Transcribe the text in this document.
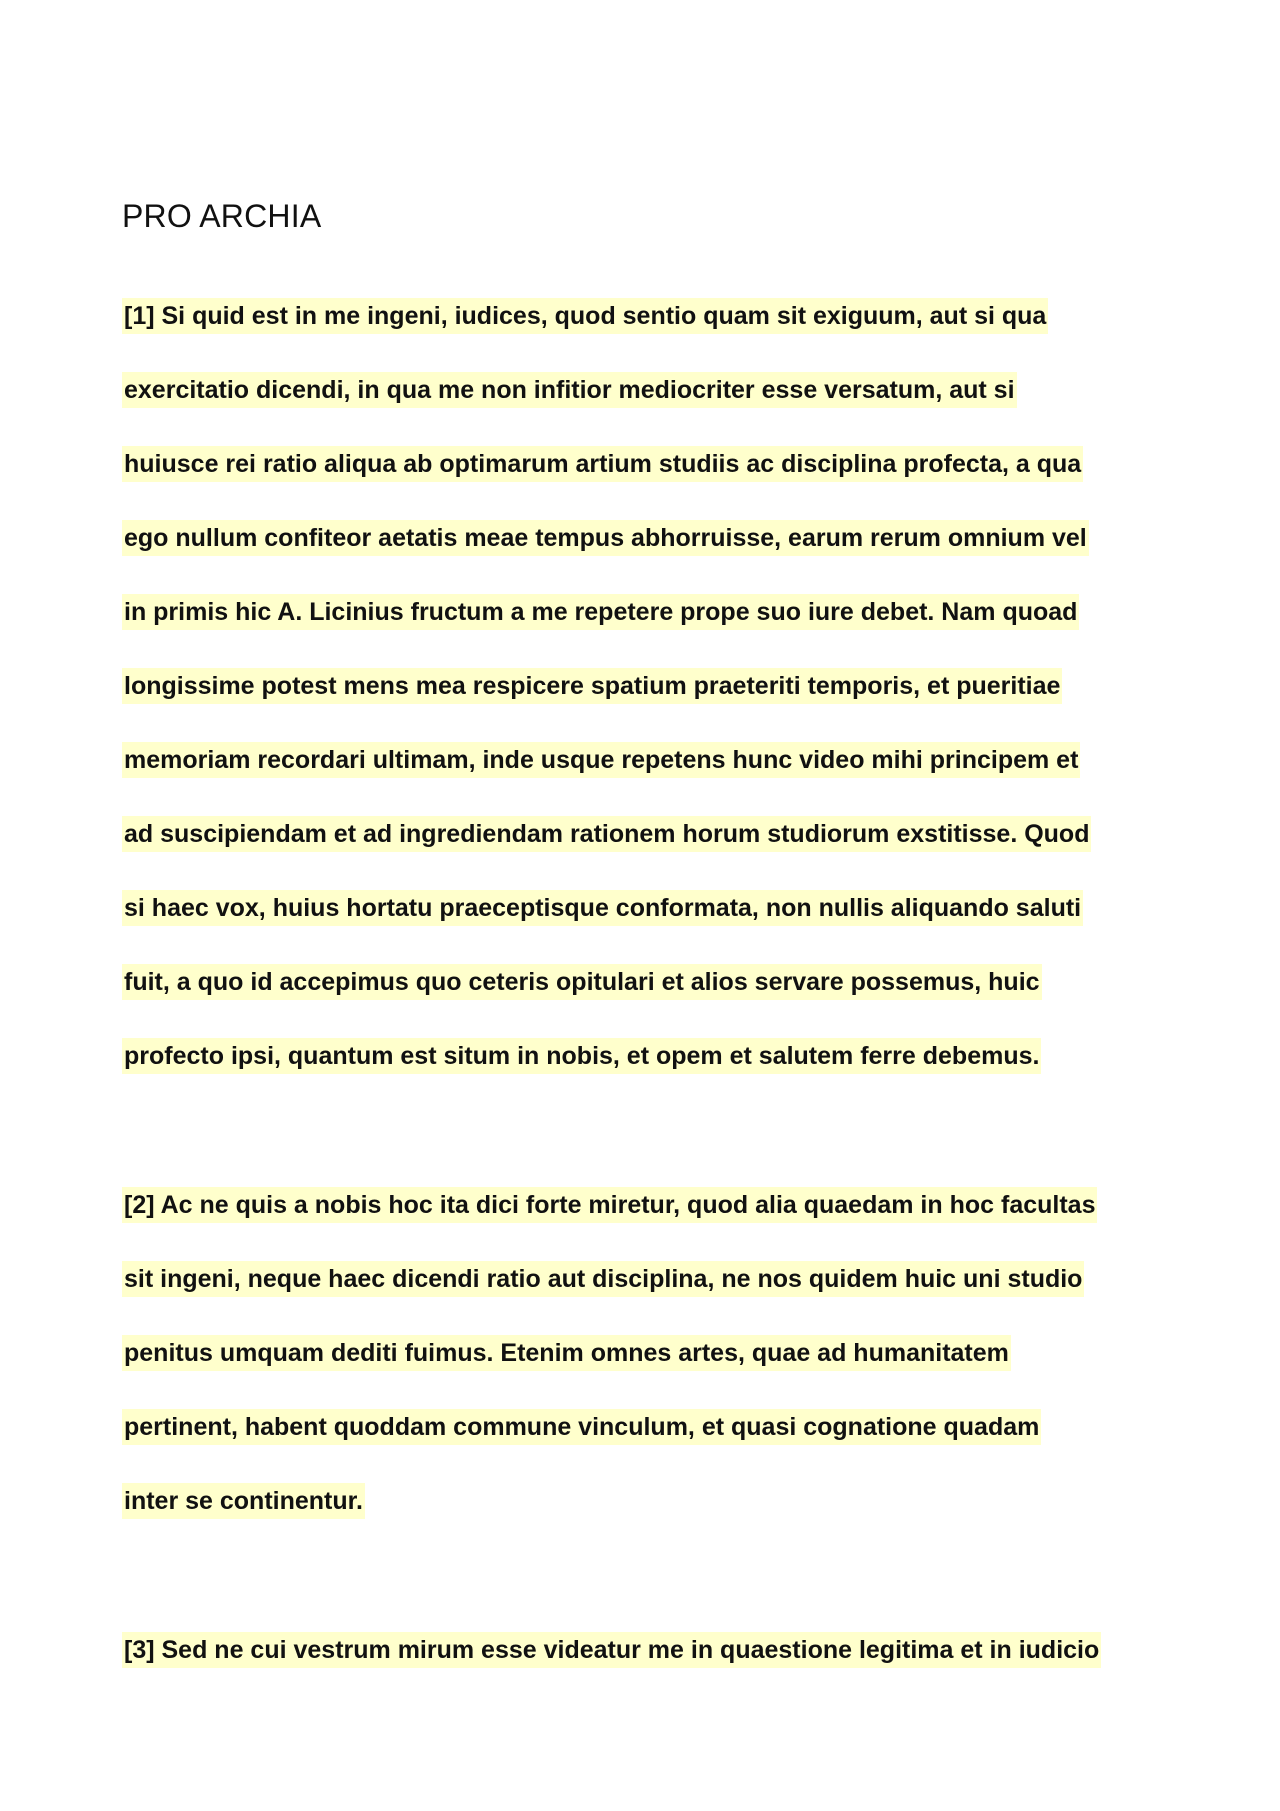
PRO ARCHIA
[1] Si quid est in me ingeni, iudices, quod sentio quam sit exiguum, aut si qua
exercitatio dicendi, in qua me non infitior mediocriter esse versatum, aut si
huiusce rei ratio aliqua ab optimarum artium studiis ac disciplina profecta, a qua
ego nullum confiteor aetatis meae tempus abhorruisse, earum rerum omnium vel
in primis hic A. Licinius fructum a me repetere prope suo iure debet. Nam quoad
longissime potest mens mea respicere spatium praeteriti temporis, et pueritiae
memoriam recordari ultimam, inde usque repetens hunc video mihi principem et
ad suscipiendam et ad ingrediendam rationem horum studiorum exstitisse. Quod
si haec vox, huius hortatu praeceptisque conformata, non nullis aliquando saluti
fuit, a quo id accepimus quo ceteris opitulari et alios servare possemus, huic
profecto ipsi, quantum est situm in nobis, et opem et salutem ferre debemus.
[2] Ac ne quis a nobis hoc ita dici forte miretur, quod alia quaedam in hoc facultas
sit ingeni, neque haec dicendi ratio aut disciplina, ne nos quidem huic uni studio
penitus umquam dediti fuimus. Etenim omnes artes, quae ad humanitatem
pertinent, habent quoddam commune vinculum, et quasi cognatione quadam
inter se continentur.
[3] Sed ne cui vestrum mirum esse videatur me in quaestione legitima et in iudicio
